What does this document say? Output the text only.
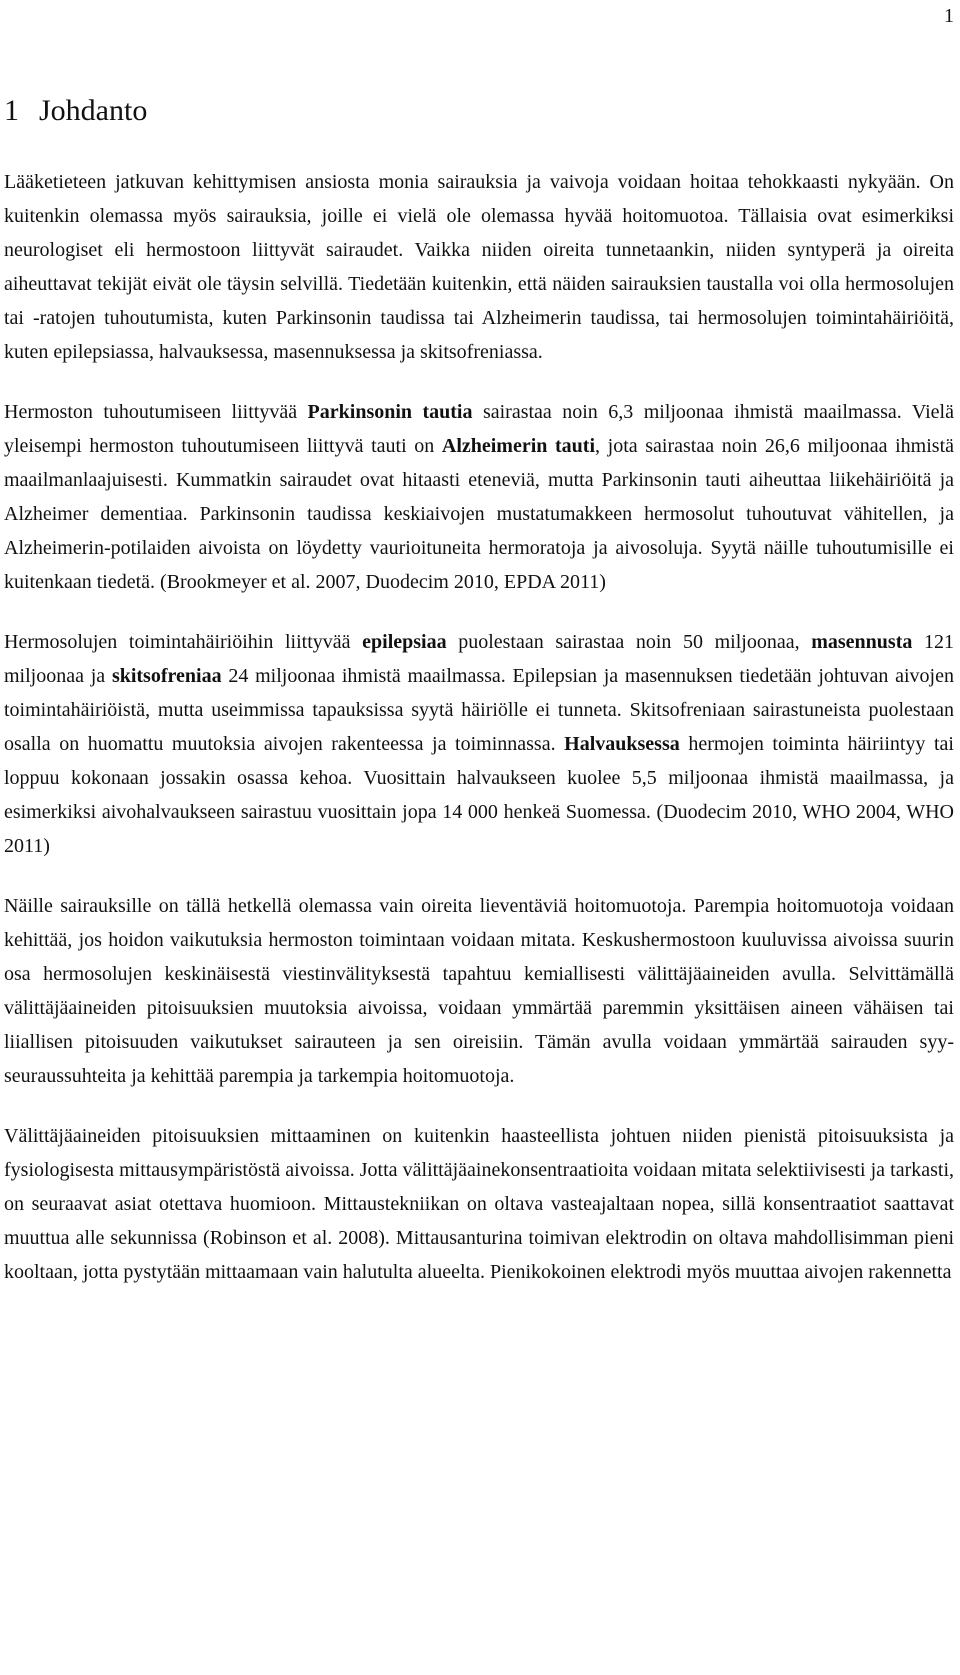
1
1 Johdanto

Lääketieteen jatkuvan kehittymisen ansiosta monia sairauksia ja vaivoja voidaan hoitaa tehokkaasti nykyään. On kuitenkin olemassa myös sairauksia, joille ei vielä ole olemassa hyvää hoitomuotoa. Tällaisia ovat esimerkiksi neurologiset eli hermostoon liittyvät sairaudet. Vaikka niiden oireita tunnetaankin, niiden syntyperä ja oireita aiheuttavat tekijät eivät ole täysin selvillä. Tiedetään kuitenkin, että näiden sairauksien taustalla voi olla hermosolujen tai -ratojen tuhoutumista, kuten Parkinsonin taudissa tai Alzheimerin taudissa, tai hermosolujen toimintahäiriöitä, kuten epilepsiassa, halvauksessa, masennuksessa ja skitsofreniassa.

Hermoston tuhoutumiseen liittyvää Parkinsonin tautia sairastaa noin 6,3 miljoonaa ihmistä maailmassa. Vielä yleisempi hermoston tuhoutumiseen liittyvä tauti on Alzheimerin tauti, jota sairastaa noin 26,6 miljoonaa ihmistä maailmanlaajuisesti. Kummatkin sairaudet ovat hitaasti eteneviä, mutta Parkinsonin tauti aiheuttaa liikehäiriöitä ja Alzheimer dementiaa. Parkinsonin taudissa keskiaivojen mustatumakkeen hermosolut tuhoutuvat vähitellen, ja Alzheimerin-potilaiden aivoista on löydetty vaurioituneita hermoratoja ja aivosoluja. Syytä näille tuhoutumisille ei kuitenkaan tiedetä. (Brookmeyer et al. 2007, Duodecim 2010, EPDA 2011)

Hermosolujen toimintahäiriöihin liittyvää epilepsiaa puolestaan sairastaa noin 50 miljoonaa, masennusta 121 miljoonaa ja skitsofreniaa 24 miljoonaa ihmistä maailmassa. Epilepsian ja masennuksen tiedetään johtuvan aivojen toimintahäiriöistä, mutta useimmissa tapauksissa syytä häiriölle ei tunneta. Skitsofreniaan sairastuneista puolestaan osalla on huomattu muutoksia aivojen rakenteessa ja toiminnassa. Halvauksessa hermojen toiminta häiriintyy tai loppuu kokonaan jossakin osassa kehoa. Vuosittain halvaukseen kuolee 5,5 miljoonaa ihmistä maailmassa, ja esimerkiksi aivohalvaukseen sairastuu vuosittain jopa 14 000 henkeä Suomessa. (Duodecim 2010, WHO 2004, WHO 2011)

Näille sairauksille on tällä hetkellä olemassa vain oireita lieventäviä hoitomuotoja. Parempia hoitomuotoja voidaan kehittää, jos hoidon vaikutuksia hermoston toimintaan voidaan mitata. Keskushermostoon kuuluvissa aivoissa suurin osa hermosolujen keskinäisestä viestinvälityksestä tapahtuu kemiallisesti välittäjäaineiden avulla. Selvittämällä välittäjäaineiden pitoisuuksien muutoksia aivoissa, voidaan ymmärtää paremmin yksittäisen aineen vähäisen tai liiallisen pitoisuuden vaikutukset sairauteen ja sen oireisiin. Tämän avulla voidaan ymmärtää sairauden syy-seuraussuhteita ja kehittää parempia ja tarkempia hoitomuotoja.

Välittäjäaineiden pitoisuuksien mittaaminen on kuitenkin haasteellista johtuen niiden pienistä pitoisuuksista ja fysiologisesta mittausympäristöstä aivoissa. Jotta välittäjäainekonsentraatioita voidaan mitata selektiivisesti ja tarkasti, on seuraavat asiat otettava huomioon. Mittaustekniikan on oltava vasteajaltaan nopea, sillä konsentraatiot saattavat muuttua alle sekunnissa (Robinson et al. 2008). Mittausanturina toimivan elektrodin on oltava mahdollisimman pieni kooltaan, jotta pystytään mittaamaan vain halutulta alueelta. Pienikokoinen elektrodi myös muuttaa aivojen rakennetta
